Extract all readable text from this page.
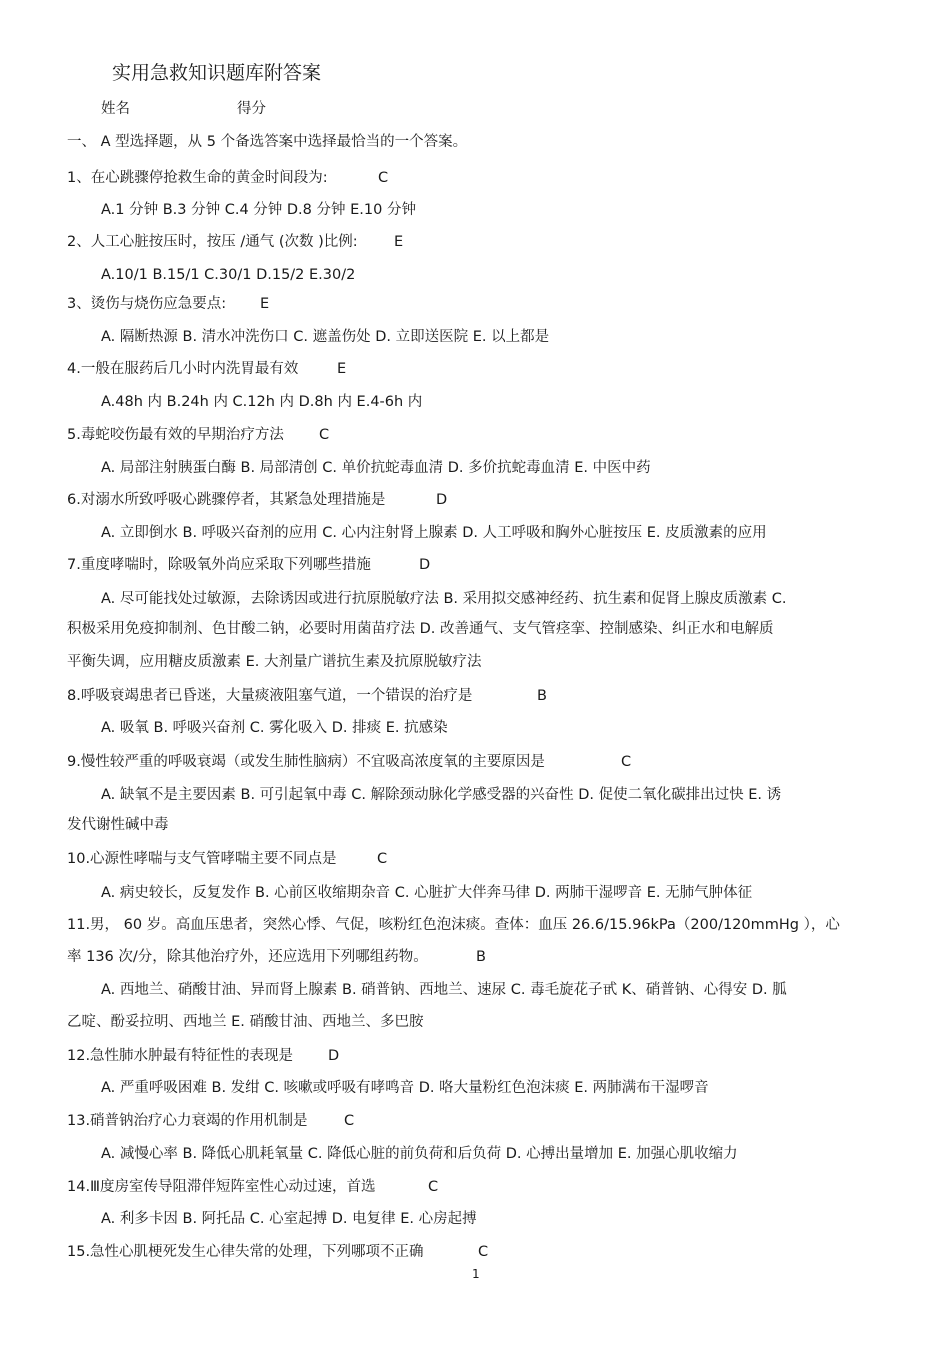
实用急救知识题库附答案
姓名	得分
一、 A 型选择题，从 5 个备选答案中选择最恰当的一个答案。
1、在心跳骤停抢救生命的黄金时间段为:	C
A.1 分钟 B.3 分钟 C.4 分钟 D.8 分钟 E.10 分钟
2、人工心脏按压时，按压 /通气 (次数 )比例:	E
A.10/1 B.15/1 C.30/1 D.15/2 E.30/2
3、烫伤与烧伤应急要点: E
A. 隔断热源 B. 清水冲洗伤口 C. 遮盖伤处 D. 立即送医院 E. 以上都是
4.一般在服药后几小时内洗胃最有效	E
A.48h 内 B.24h 内 C.12h 内 D.8h 内 E.4-6h 内
5.毒蛇咬伤最有效的早期治疗方法 C
A. 局部注射胰蛋白酶 B. 局部清创 C. 单价抗蛇毒血清 D. 多价抗蛇毒血清 E. 中医中药
6.对溺水所致呼吸心跳骤停者，其紧急处理措施是	D
A. 立即倒水 B. 呼吸兴奋剂的应用 C. 心内注射肾上腺素 D. 人工呼吸和胸外心脏按压 E. 皮质激素的应用
7.重度哮喘时，除吸氧外尚应采取下列哪些措施	D
A. 尽可能找处过敏源，去除诱因或进行抗原脱敏疗法 B. 采用拟交感神经药、抗生素和促肾上腺皮质激素 C.
积极采用免疫抑制剂、色甘酸二钠，必要时用菌苗疗法 D. 改善通气、支气管痉挛、控制感染、纠正水和电解质
平衡失调，应用糖皮质激素 E. 大剂量广谱抗生素及抗原脱敏疗法
8.呼吸衰竭患者已昏迷，大量痰液阻塞气道，一个错误的治疗是	B
A. 吸氧 B. 呼吸兴奋剂 C. 雾化吸入 D. 排痰 E. 抗感染
9.慢性较严重的呼吸衰竭（或发生肺性脑病）不宜吸高浓度氧的主要原因是	C
A. 缺氧不是主要因素 B. 可引起氧中毒 C. 解除颈动脉化学感受器的兴奋性 D. 促使二氧化碳排出过快 E. 诱
发代谢性碱中毒
10.心源性哮喘与支气管哮喘主要不同点是	C
A. 病史较长，反复发作 B. 心前区收缩期杂音 C. 心脏扩大伴奔马律 D. 两肺干湿啰音 E. 无肺气肿体征
11.男， 60 岁。高血压患者，突然心悸、气促，咳粉红色泡沫痰。查体：血压 26.6/15.96kPa（200/120mmHg ），心
率 136 次/分，除其他治疗外，还应选用下列哪组药物。	B
A. 西地兰、硝酸甘油、异而肾上腺素 B. 硝普钠、西地兰、速尿 C. 毒毛旋花子甙 K、硝普钠、心得安 D. 胍
乙啶、酚妥拉明、西地兰 E. 硝酸甘油、西地兰、多巴胺
12.急性肺水肿最有特征性的表现是 D
A. 严重呼吸困难 B. 发绀 C. 咳嗽或呼吸有哮鸣音 D. 咯大量粉红色泡沫痰 E. 两肺满布干湿啰音
13.硝普钠治疗心力衰竭的作用机制是	C
A. 减慢心率 B. 降低心肌耗氧量 C. 降低心脏的前负荷和后负荷 D. 心搏出量增加 E. 加强心肌收缩力
14.Ⅲ度房室传导阻滞伴短阵室性心动过速，首选	C
A. 利多卡因 B. 阿托品 C. 心室起搏 D. 电复律 E. 心房起搏
15.急性心肌梗死发生心律失常的处理，下列哪项不正确	C
1
